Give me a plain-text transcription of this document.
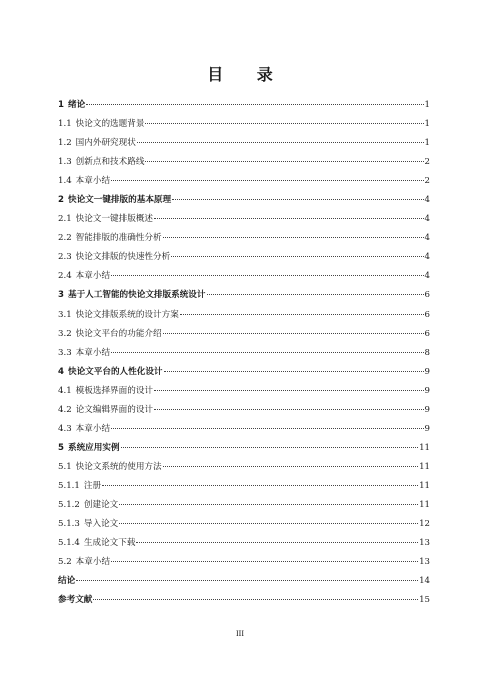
目 录
1 绪论	1
1.1 快论文的选题背景	1
1.2 国内外研究现状	1
1.3 创新点和技术路线	2
1.4 本章小结	2
2 快论文一键排版的基本原理	4
2.1 快论文一键排版概述	4
2.2 智能排版的准确性分析	4
2.3 快论文排版的快速性分析	4
2.4 本章小结	4
3 基于人工智能的快论文排版系统设计	6
3.1 快论文排版系统的设计方案	6
3.2 快论文平台的功能介绍	6
3.3 本章小结	8
4 快论文平台的人性化设计	9
4.1 模板选择界面的设计	9
4.2 论文编辑界面的设计	9
4.3 本章小结	9
5 系统应用实例	11
5.1 快论文系统的使用方法	11
5.1.1 注册	11
5.1.2 创建论文	11
5.1.3 导入论文	12
5.1.4 生成论文下载	13
5.2 本章小结	13
结论	14
参考文献	15
III
